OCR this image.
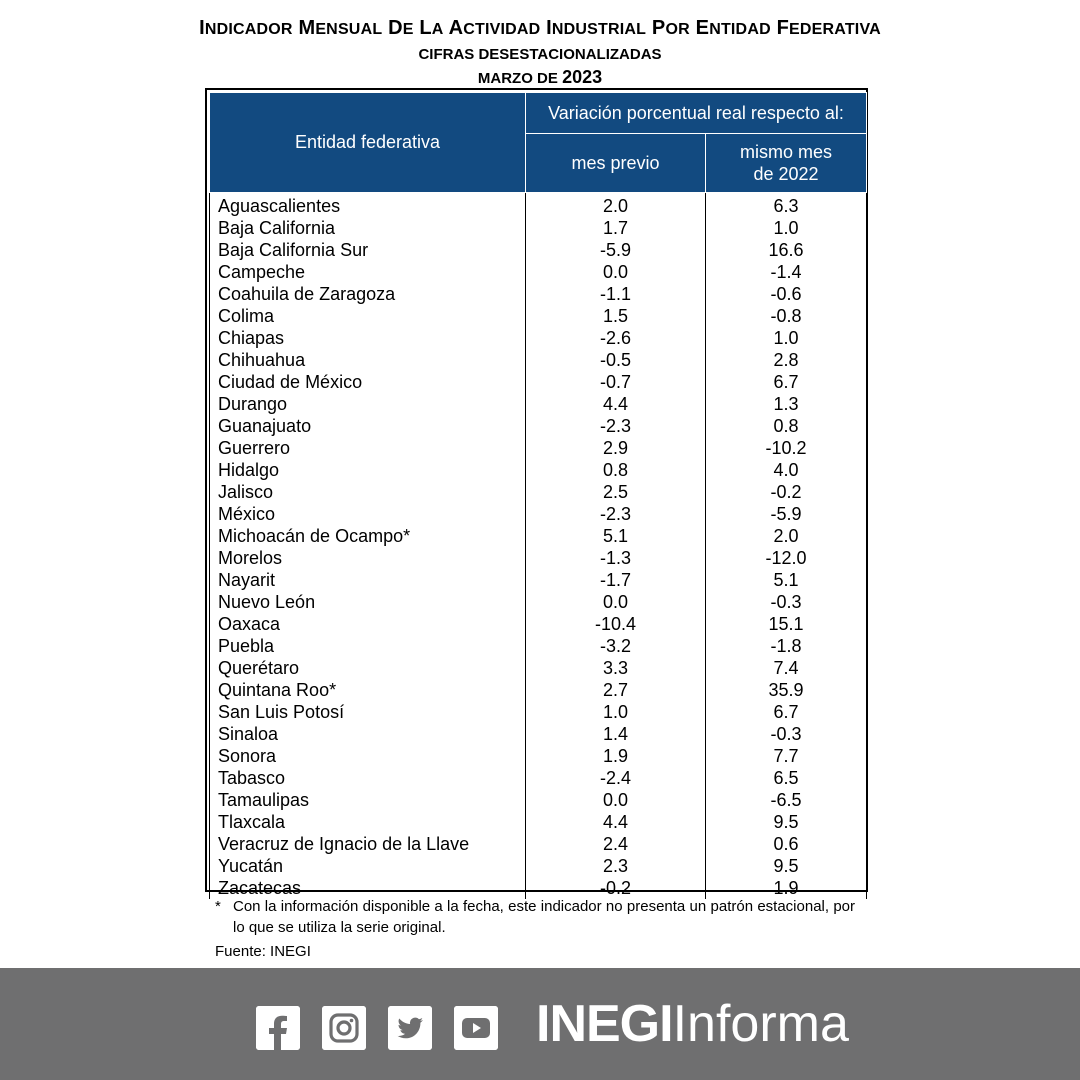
INDICADOR MENSUAL DE LA ACTIVIDAD INDUSTRIAL POR ENTIDAD FEDERATIVA
CIFRAS DESESTACIONALIZADAS
MARZO DE 2023
Entidad federativa	Variación porcentual real respecto al:	
	mes previo	mismo mes
de 2022
Aguascalientes	2.0	6.3
Baja California	1.7	1.0
Baja California Sur	-5.9	16.6
Campeche	0.0	-1.4
Coahuila de Zaragoza	-1.1	-0.6
Colima	1.5	-0.8
Chiapas	-2.6	1.0
Chihuahua	-0.5	2.8
Ciudad de México	-0.7	6.7
Durango	4.4	1.3
Guanajuato	-2.3	0.8
Guerrero	2.9	-10.2
Hidalgo	0.8	4.0
Jalisco	2.5	-0.2
México	-2.3	-5.9
Michoacán de Ocampo*	5.1	2.0
Morelos	-1.3	-12.0
Nayarit	-1.7	5.1
Nuevo León	0.0	-0.3
Oaxaca	-10.4	15.1
Puebla	-3.2	-1.8
Querétaro	3.3	7.4
Quintana Roo*	2.7	35.9
San Luis Potosí	1.0	6.7
Sinaloa	1.4	-0.3
Sonora	1.9	7.7
Tabasco	-2.4	6.5
Tamaulipas	0.0	-6.5
Tlaxcala	4.4	9.5
Veracruz de Ignacio de la Llave	2.4	0.6
Yucatán	2.3	9.5
Zacatecas	-0.2	1.9
* Con la información disponible a la fecha, este indicador no presenta un patrón estacional, por lo que se utiliza la serie original.
Fuente: INEGI
INEGIInforma
